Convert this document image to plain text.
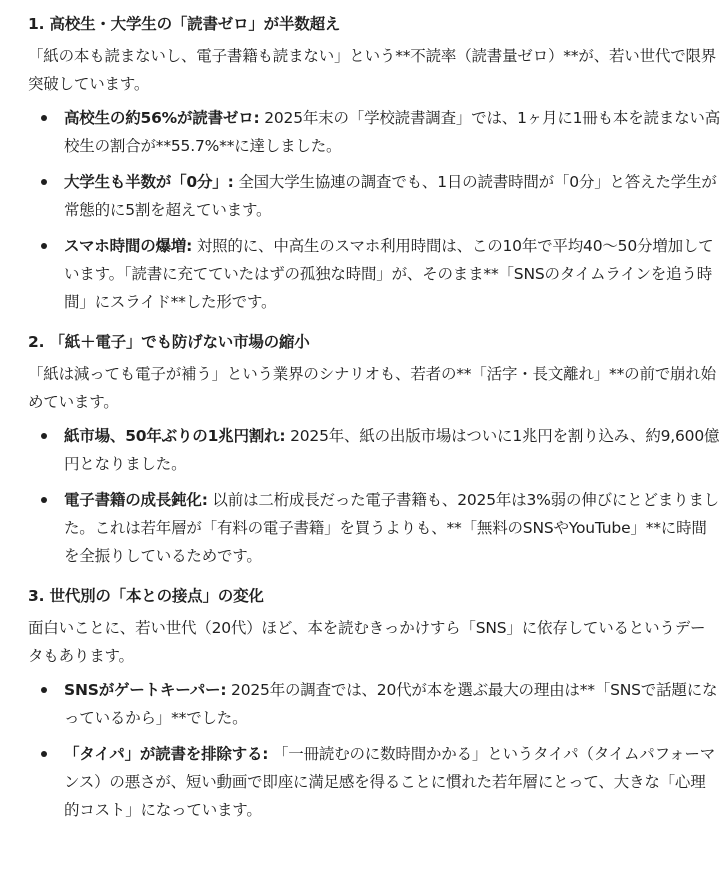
1. 高校生・大学生の「読書ゼロ」が半数超え
「紙の本も読まないし、電子書籍も読まない」という**不読率（読書量ゼロ）**が、若い世代で限界突破しています。
高校生の約56%が読書ゼロ: 2025年末の「学校読書調査」では、1ヶ月に1冊も本を読まない高校生の割合が**55.7%**に達しました。
大学生も半数が「0分」: 全国大学生協連の調査でも、1日の読書時間が「0分」と答えた学生が常態的に5割を超えています。
スマホ時間の爆増: 対照的に、中高生のスマホ利用時間は、この10年で平均40〜50分増加しています。「読書に充てていたはずの孤独な時間」が、そのまま**「SNSのタイムラインを追う時間」にスライド**した形です。
2. 「紙＋電子」でも防げない市場の縮小
「紙は減っても電子が補う」という業界のシナリオも、若者の**「活字・長文離れ」**の前で崩れ始めています。
紙市場、50年ぶりの1兆円割れ: 2025年、紙の出版市場はついに1兆円を割り込み、約9,600億円となりました。
電子書籍の成長鈍化: 以前は二桁成長だった電子書籍も、2025年は3%弱の伸びにとどまりました。これは若年層が「有料の電子書籍」を買うよりも、**「無料のSNSやYouTube」**に時間を全振りしているためです。
3. 世代別の「本との接点」の変化
面白いことに、若い世代（20代）ほど、本を読むきっかけすら「SNS」に依存しているというデータもあります。
SNSがゲートキーパー: 2025年の調査では、20代が本を選ぶ最大の理由は**「SNSで話題になっているから」**でした。
「タイパ」が読書を排除する: 「一冊読むのに数時間かかる」というタイパ（タイムパフォーマンス）の悪さが、短い動画で即座に満足感を得ることに慣れた若年層にとって、大きな「心理的コスト」になっています。
